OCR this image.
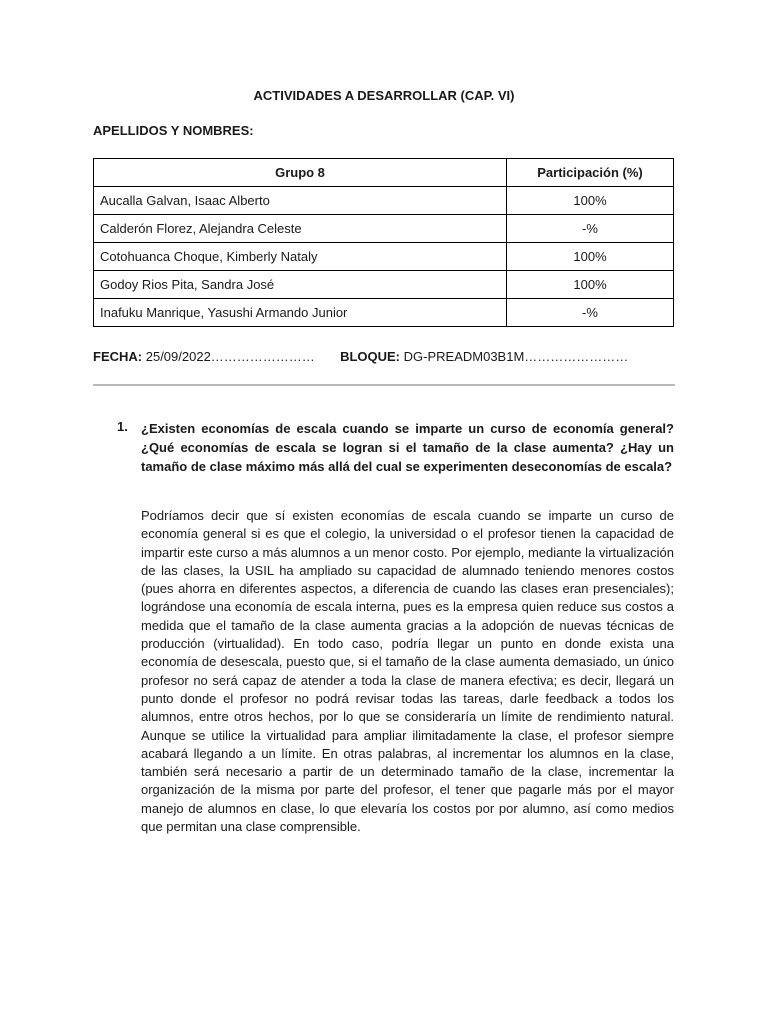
ACTIVIDADES A DESARROLLAR (CAP. VI)
APELLIDOS Y NOMBRES:
Grupo 8	Participación (%)
Aucalla Galvan, Isaac Alberto	100%
Calderón Florez, Alejandra Celeste	-%
Cotohuanca Choque, Kimberly Nataly	100%
Godoy Rios Pita, Sandra José	100%
Inafuku Manrique, Yasushi Armando Junior	-%
FECHA: 25/09/2022…………………… BLOQUE: DG-PREADM03B1M……………………
1. ¿Existen economías de escala cuando se imparte un curso de economía general? ¿Qué economías de escala se logran si el tamaño de la clase aumenta? ¿Hay un tamaño de clase máximo más allá del cual se experimenten deseconomías de escala?
Podríamos decir que sí existen economías de escala cuando se imparte un curso de economía general si es que el colegio, la universidad o el profesor tienen la capacidad de impartir este curso a más alumnos a un menor costo. Por ejemplo, mediante la virtualización de las clases, la USIL ha ampliado su capacidad de alumnado teniendo menores costos (pues ahorra en diferentes aspectos, a diferencia de cuando las clases eran presenciales); lográndose una economía de escala interna, pues es la empresa quien reduce sus costos a medida que el tamaño de la clase aumenta gracias a la adopción de nuevas técnicas de producción (virtualidad). En todo caso, podría llegar un punto en donde exista una economía de desescala, puesto que, si el tamaño de la clase aumenta demasiado, un único profesor no será capaz de atender a toda la clase de manera efectiva; es decir, llegará un punto donde el profesor no podrá revisar todas las tareas, darle feedback a todos los alumnos, entre otros hechos, por lo que se consideraría un límite de rendimiento natural. Aunque se utilice la virtualidad para ampliar ilimitadamente la clase, el profesor siempre acabará llegando a un límite. En otras palabras, al incrementar los alumnos en la clase, también será necesario a partir de un determinado tamaño de la clase, incrementar la organización de la misma por parte del profesor, el tener que pagarle más por el mayor manejo de alumnos en clase, lo que elevaría los costos por por alumno, así como medios que permitan una clase comprensible.
